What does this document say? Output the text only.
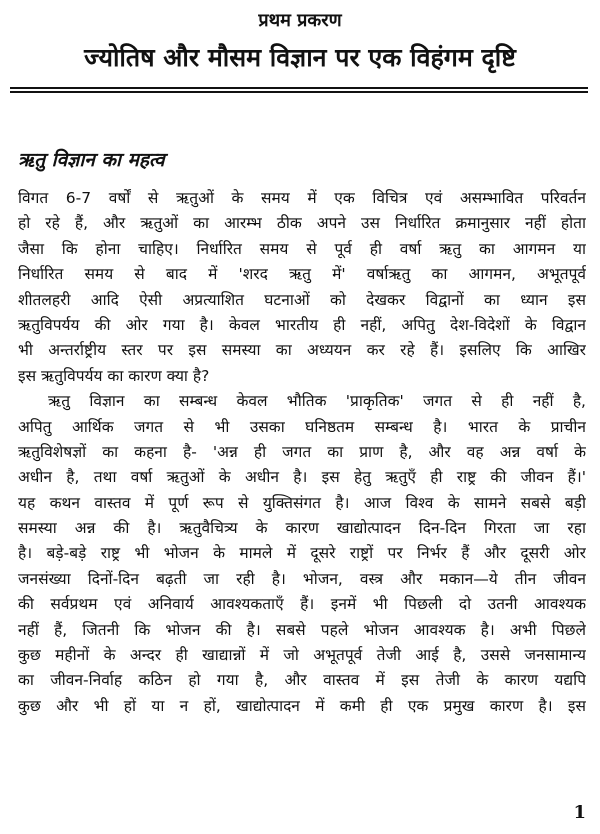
प्रथम प्रकरण
ज्योतिष और मौसम विज्ञान पर एक विहंगम दृष्टि
ऋतु विज्ञान का महत्व
विगत 6-7 वर्षों से ऋतुओं के समय में एक विचित्र एवं असम्भावित परिवर्तन
हो रहे हैं, और ऋतुओं का आरम्भ ठीक अपने उस निर्धारित क्रमानुसार नहीं होता
जैसा कि होना चाहिए। निर्धारित समय से पूर्व ही वर्षा ऋतु का आगमन या
निर्धारित समय से बाद में 'शरद ऋतु में' वर्षाऋतु का आगमन, अभूतपूर्व
शीतलहरी आदि ऐसी अप्रत्याशित घटनाओं को देखकर विद्वानों का ध्यान इस
ऋतुविपर्यय की ओर गया है। केवल भारतीय ही नहीं, अपितु देश-विदेशों के विद्वान
भी अन्तर्राष्ट्रीय स्तर पर इस समस्या का अध्ययन कर रहे हैं। इसलिए कि आखिर
इस ऋतुविपर्यय का कारण क्या है?
ऋतु विज्ञान का सम्बन्ध केवल भौतिक 'प्राकृतिक' जगत से ही नहीं है,
अपितु आर्थिक जगत से भी उसका घनिष्ठतम सम्बन्ध है। भारत के प्राचीन
ऋतुविशेषज्ञों का कहना है- 'अन्न ही जगत का प्राण है, और वह अन्न वर्षा के
अधीन है, तथा वर्षा ऋतुओं के अधीन है। इस हेतु ऋतुएँ ही राष्ट्र की जीवन हैं।'
यह कथन वास्तव में पूर्ण रूप से युक्तिसंगत है। आज विश्व के सामने सबसे बड़ी
समस्या अन्न की है। ऋतुवैचित्र्य के कारण खाद्योत्पादन दिन-दिन गिरता जा रहा
है। बड़े-बड़े राष्ट्र भी भोजन के मामले में दूसरे राष्ट्रों पर निर्भर हैं और दूसरी ओर
जनसंख्या दिनों-दिन बढ़ती जा रही है। भोजन, वस्त्र और मकान—ये तीन जीवन
की सर्वप्रथम एवं अनिवार्य आवश्यकताएँ हैं। इनमें भी पिछली दो उतनी आवश्यक
नहीं हैं, जितनी कि भोजन की है। सबसे पहले भोजन आवश्यक है। अभी पिछले
कुछ महीनों के अन्दर ही खाद्यान्नों में जो अभूतपूर्व तेजी आई है, उससे जनसामान्य
का जीवन-निर्वाह कठिन हो गया है, और वास्तव में इस तेजी के कारण यद्यपि
कुछ और भी हों या न हों, खाद्योत्पादन में कमी ही एक प्रमुख कारण है। इस
1
